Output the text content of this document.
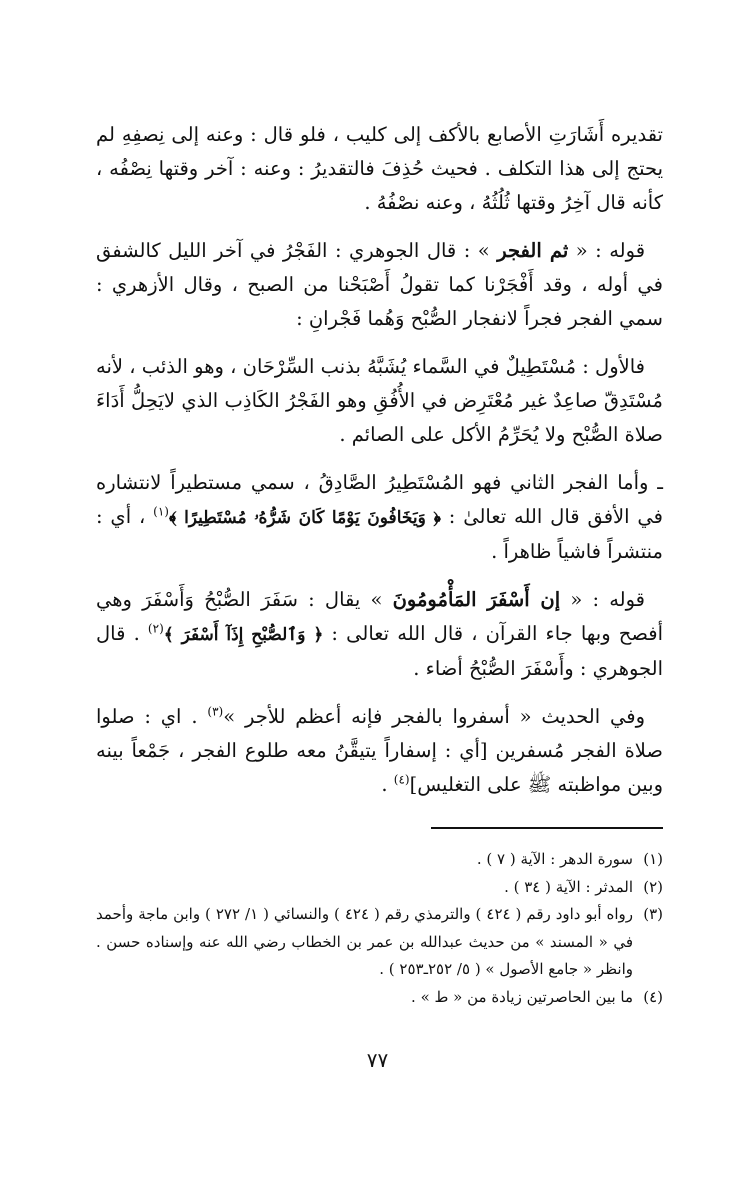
تقديره أَشَارَتِ الأصابع بالأكف إلى كليب ، فلو قال : وعنه إلى نِصفِهِ لم يحتج إلى هذا التكلف . فحيث حُذِفَ فالتقديرُ : وعنه : آخر وقتها نِصْفُه ، كأنه قال آخِرُ وقتها ثُلُثُهُ ، وعنه نصْفُهُ .

قوله : « ثم الفجر » : قال الجوهري : الفَجْرُ في آخر الليل كالشفق في أوله ، وقد أَفْجَرْنا كما تقولُ أَصْبَحْنا من الصبح ، وقال الأزهري : سمي الفجر فجراً لانفجار الصُّبْح وَهُما فَجْرانِ :

فالأول : مُسْتَطِيلٌ في السَّماء يُشَبَّهُ بذنب السِّرْحَان ، وهو الذئب ، لأنه مُسْتَدِقّ صاعِدٌ غير مُعْتَرِض في الأُفُقِ وهو الفَجْرُ الكَاذِب الذي لايَحِلُّ أَدَاءَ صلاة الصُّبْح ولا يُحَرِّمُ الأكل على الصائم .

ـ وأما الفجر الثاني فهو المُسْتَطِيرُ الصَّادِقُ ، سمي مستطيراً لانتشاره في الأفق قال الله تعالىٰ : ﴿ وَيَخَافُونَ يَوْمًا كَانَ شَرُّهُۥ مُسْتَطِيرًا ﴾$^{(١)}$ ، أي : منتشراً فاشياً ظاهراً .

قوله : « إن أَسْفَرَ المَأْمُومُونَ » يقال : سَفَرَ الصُّبْحُ وَأَسْفَرَ وهي أفصح وبها جاء القرآن ، قال الله تعالى : ﴿ وَٱلصُّبْحِ إِذَآ أَسْفَرَ ﴾$^{(٢)}$ . قال الجوهري : وأَسْفَرَ الصُّبْحُ أضاء .

وفي الحديث « أسفروا بالفجر فإنه أعظم للأجر »$^{(٣)}$ . اي : صلوا صلاة الفجر مُسفرين [أي : إسفاراً يتيقَّنُ معه طلوع الفجر ، جَمْعاً بينه وبين مواظبته ﷺ على التغليس]$^{(٤)}$ .

(١)
سورة الدهر : الآية ( ٧ ) .
(٢)
المدثر : الآية ( ٣٤ ) .
(٣)
رواه أبو داود رقم ( ٤٢٤ ) والترمذي رقم ( ٤٢٤ ) والنسائي ( ١/ ٢٧٢ ) وابن ماجة وأحمد في « المسند » من حديث عبدالله بن عمر بن الخطاب رضي الله عنه وإسناده حسن . وانظر « جامع الأصول » ( ٥/ ٢٥٢ـ٢٥٣ ) .
(٤)
ما بين الحاصرتين زيادة من « ط » .
٧٧
